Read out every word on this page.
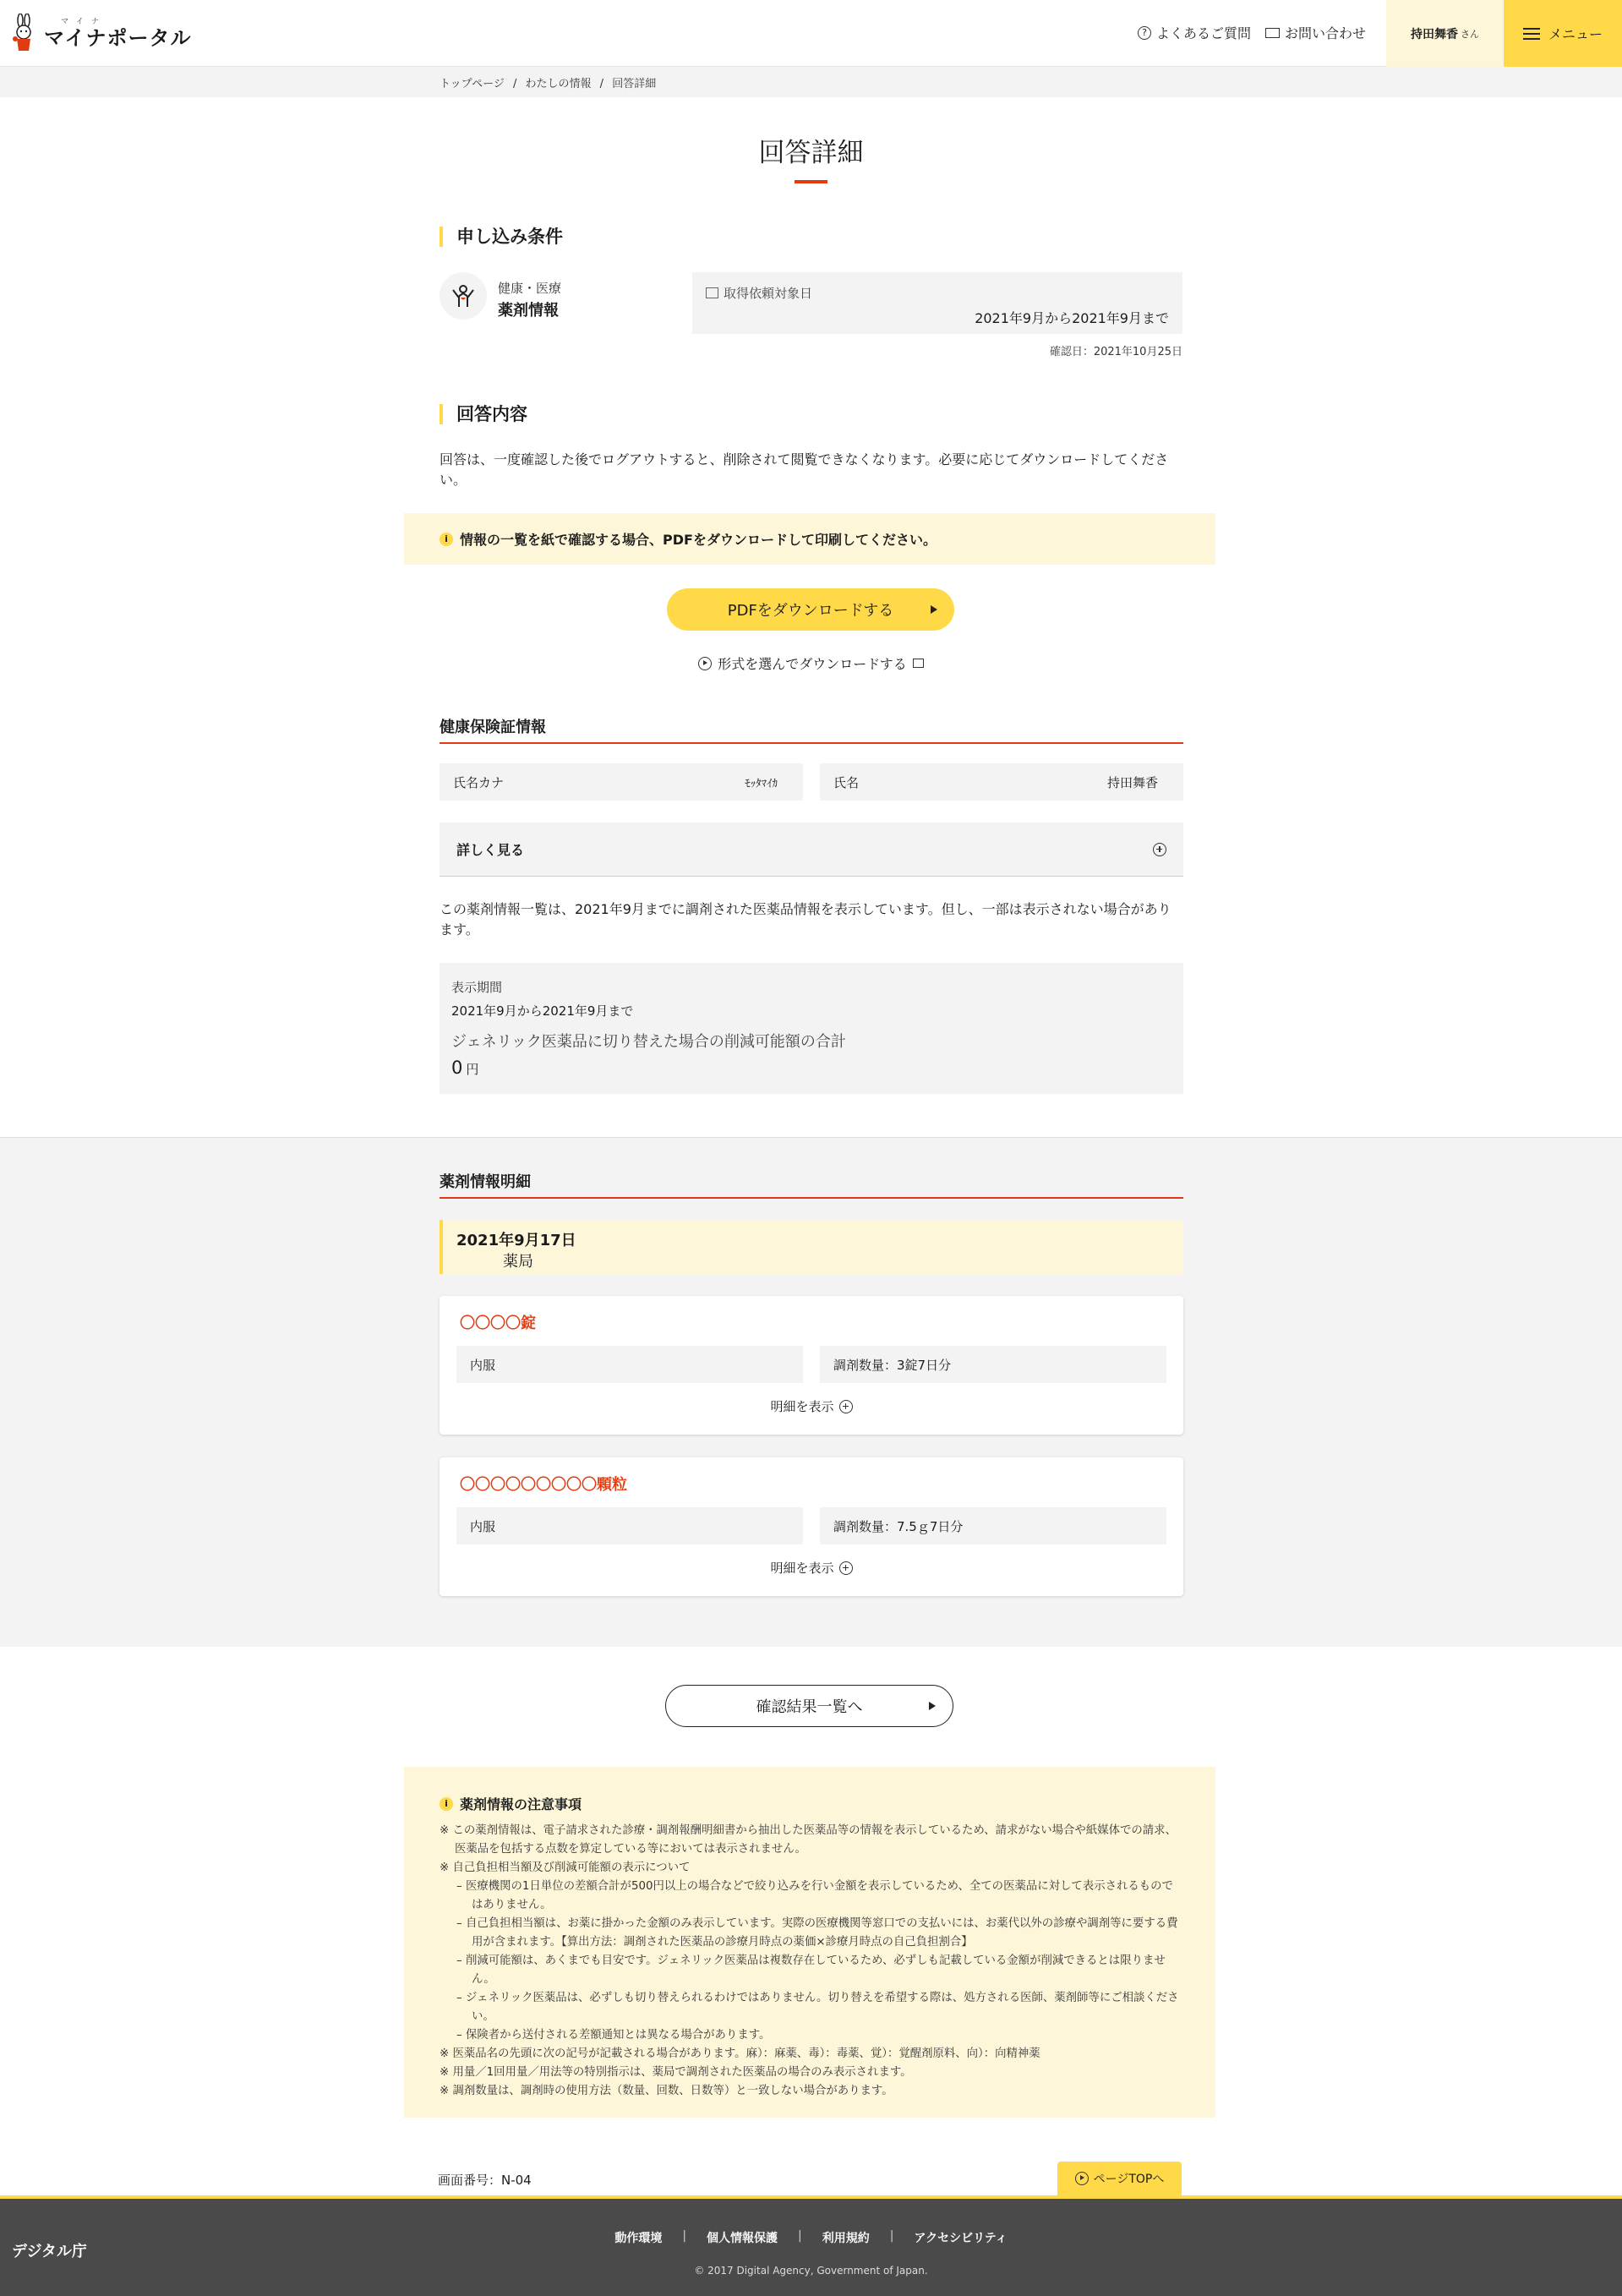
マイナ
マイナポータル	? よくあるご質問 お問い合わせ	持田舞香 さん	メニュー
トップページ / わたしの情報 / 回答詳細
回答詳細
申し込み条件
健康・医療
薬剤情報
取得依頼対象日
2021年9月から2021年9月まで
確認日：2021年10月25日
回答内容

回答は、一度確認した後でログアウトすると、削除されて閲覧できなくなります。必要に応じてダウンロードしてください。

i 情報の一覧を紙で確認する場合、PDFをダウンロードして印刷してください。
PDFをダウンロードする
形式を選んでダウンロードする
健康保険証情報
氏名カナ	ﾓｯﾀﾏｲｶ	氏名	持田舞香
詳しく見る

この薬剤情報一覧は、2021年9月までに調剤された医薬品情報を表示しています。但し、一部は表示されない場合があります。

表示期間
2021年9月から2021年9月まで
ジェネリック医薬品に切り替えた場合の削減可能額の合計
0 円
薬剤情報明細
2021年9月17日
薬局
〇〇〇〇錠
内服	調剤数量：3錠7日分
明細を表示
〇〇〇〇〇〇〇〇〇顆粒
内服	調剤数量：7.5ｇ7日分
明細を表示
確認結果一覧へ
i 薬剤情報の注意事項

※ この薬剤情報は、電子請求された診療・調剤報酬明細書から抽出した医薬品等の情報を表示しているため、請求がない場合や紙媒体での請求、医薬品を包括する点数を算定している等においては表示されません。

※ 自己負担相当額及び削減可能額の表示について

– 医療機関の1日単位の差額合計が500円以上の場合などで絞り込みを行い金額を表示しているため、全ての医薬品に対して表示されるものではありません。

– 自己負担相当額は、お薬に掛かった金額のみ表示しています。実際の医療機関等窓口での支払いには、お薬代以外の診療や調剤等に要する費用が含まれます。【算出方法：調剤された医薬品の診療月時点の薬価×診療月時点の自己負担割合】

– 削減可能額は、あくまでも目安です。ジェネリック医薬品は複数存在しているため、必ずしも記載している金額が削減できるとは限りません。

– ジェネリック医薬品は、必ずしも切り替えられるわけではありません。切り替えを希望する際は、処方される医師、薬剤師等にご相談ください。

– 保険者から送付される差額通知とは異なる場合があります。

※ 医薬品名の先頭に次の記号が記載される場合があります。麻）：麻薬、毒）：毒薬、覚）：覚醒剤原料、向）：向精神薬

※ 用量／1回用量／用法等の特別指示は、薬局で調剤された医薬品の場合のみ表示されます。

※ 調剤数量は、調剤時の使用方法（数量、回数、日数等）と一致しない場合があります。

画面番号：N-04	ページTOPへ
デジタル庁
動作環境 | 個人情報保護 | 利用規約 | アクセシビリティ
© 2017 Digital Agency, Government of Japan.
